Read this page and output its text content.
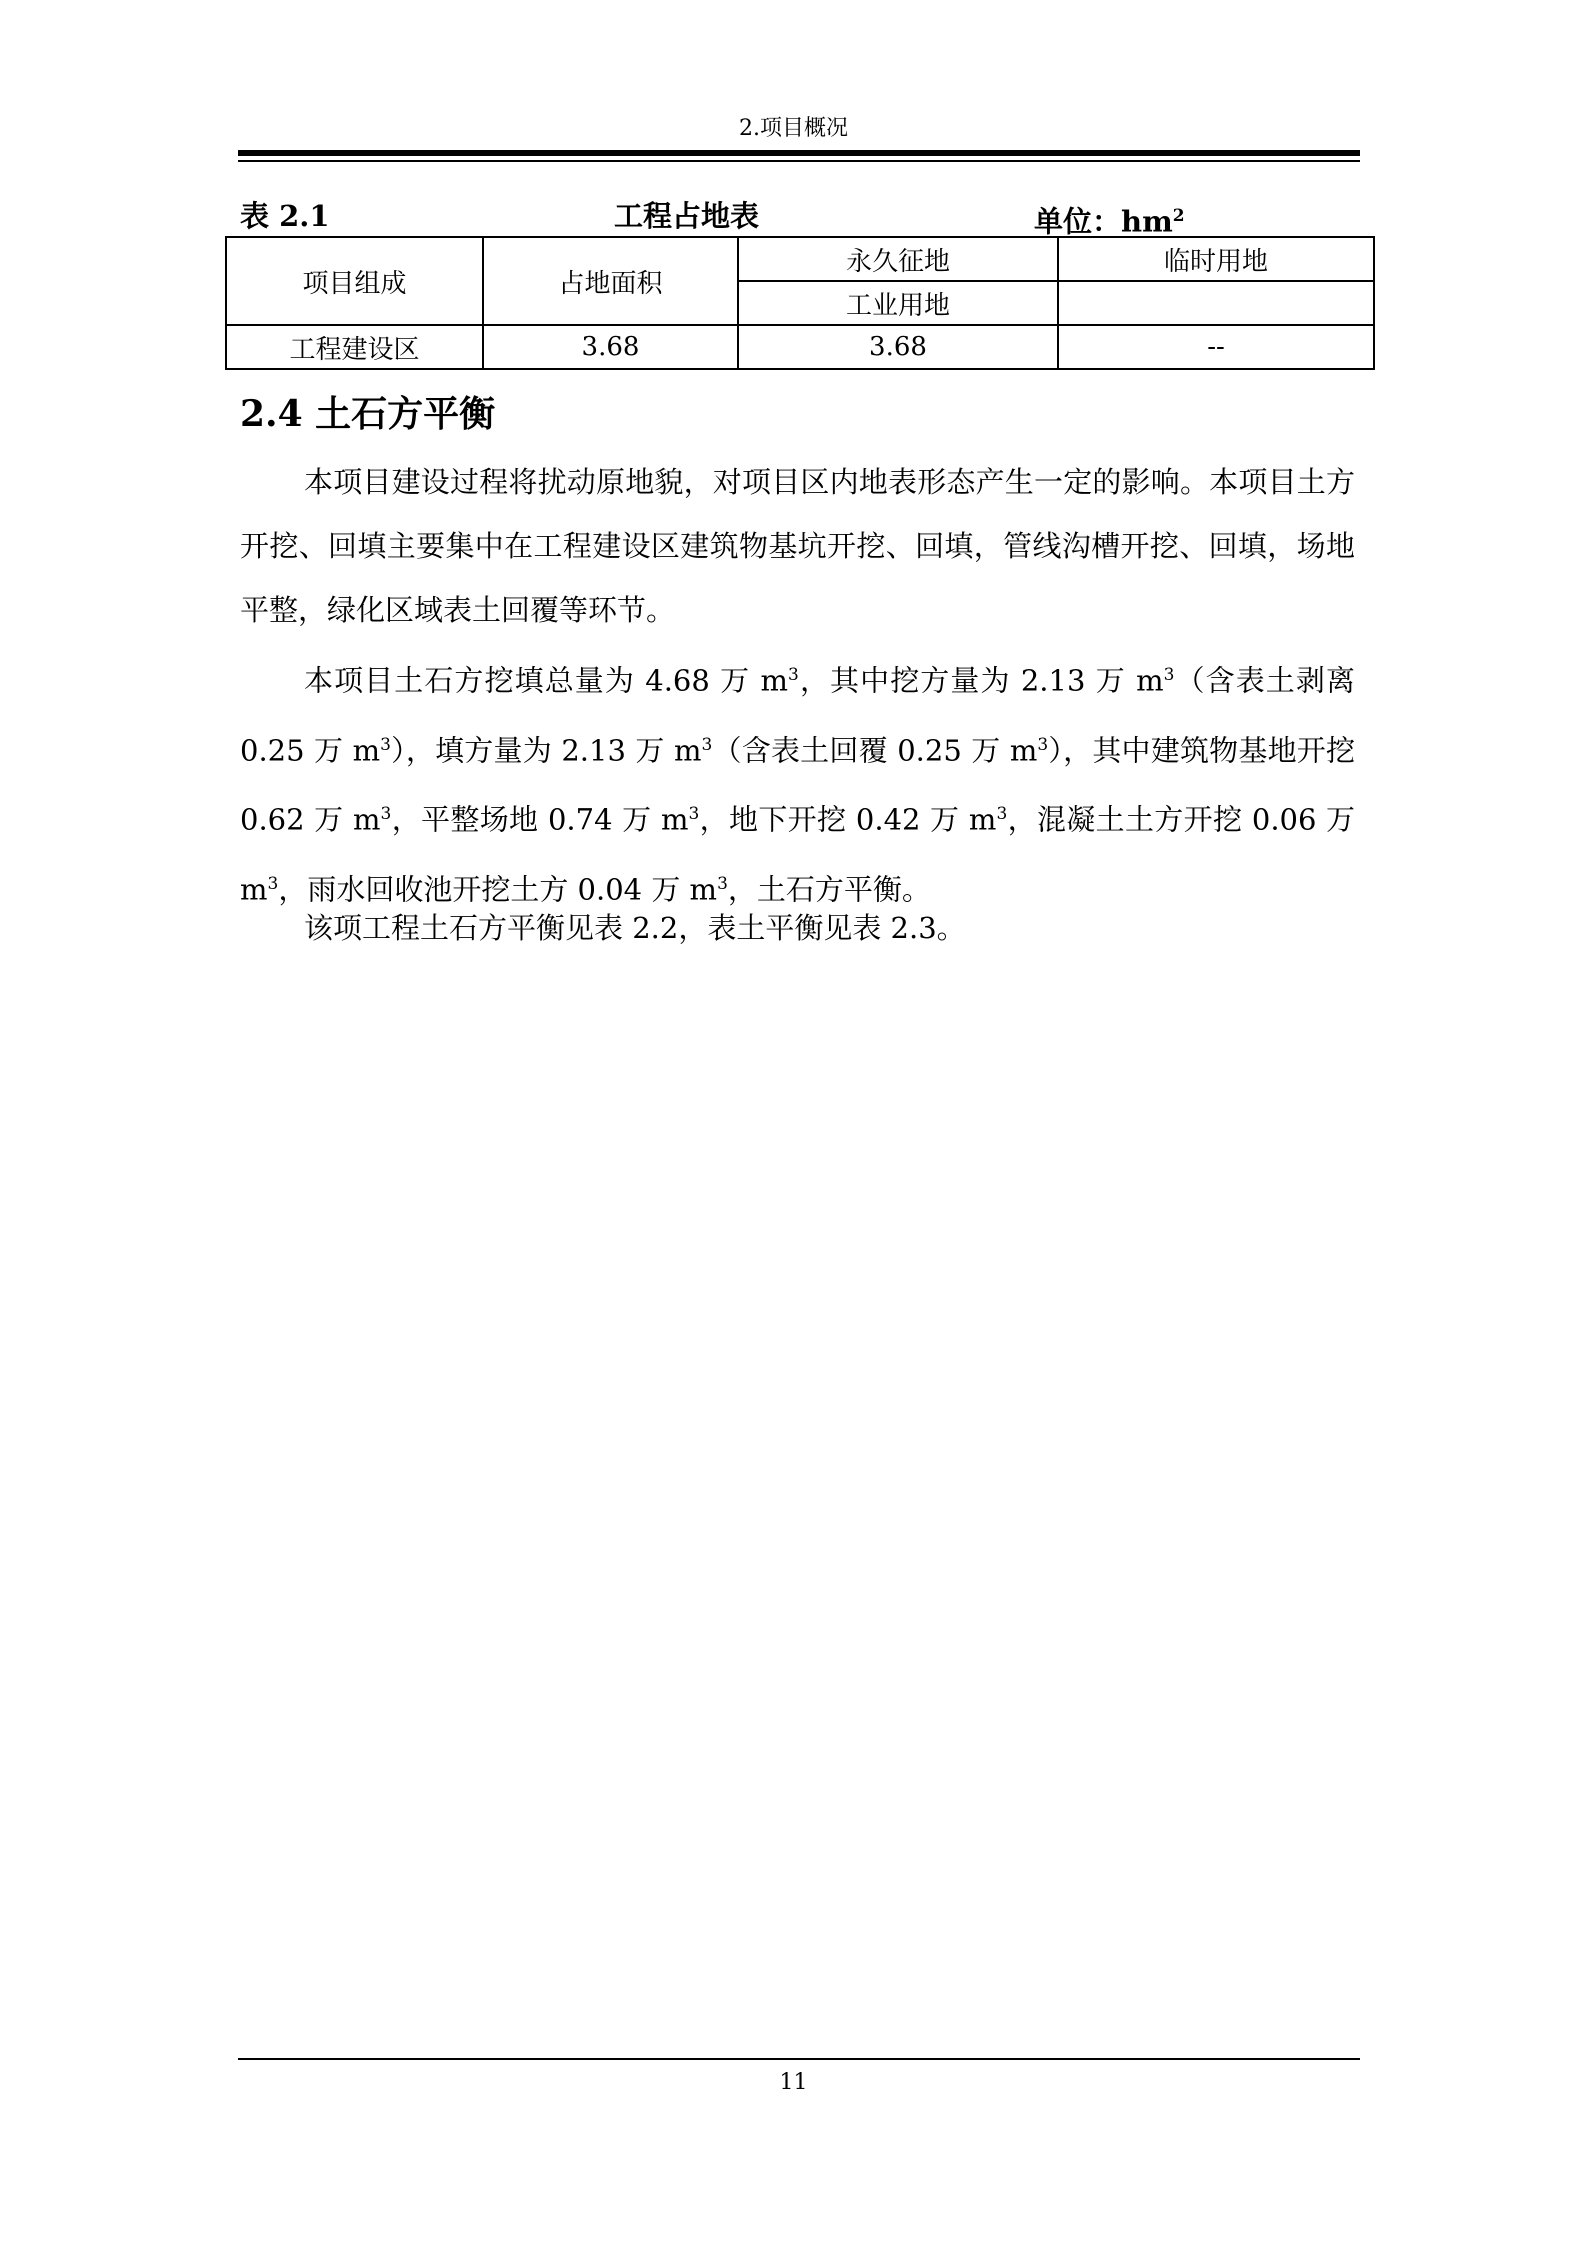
2.项目概况
表 2.1	工程占地表	单位：$hm^2$
项目组成	占地面积	永久征地	临时用地
		工业用地	
工程建设区	3.68	3.68	--
2.4 土石方平衡

本项目建设过程将扰动原地貌，对项目区内地表形态产生一定的影响。本项目土方开挖、回填主要集中在工程建设区建筑物基坑开挖、回填，管线沟槽开挖、回填，场地平整，绿化区域表土回覆等环节。

本项目土石方挖填总量为 4.68 万 $m^3$，其中挖方量为 2.13 万 $m^3$（含表土剥离 0.25 万 $m^3$），填方量为 2.13 万 $m^3$（含表土回覆 0.25 万 $m^3$），其中建筑物基地开挖 0.62 万 $m^3$，平整场地 0.74 万 $m^3$，地下开挖 0.42 万 $m^3$，混凝土土方开挖 0.06 万 $m^3$，雨水回收池开挖土方 0.04 万 $m^3$，土石方平衡。

该项工程土石方平衡见表 2.2，表土平衡见表 2.3。

11
